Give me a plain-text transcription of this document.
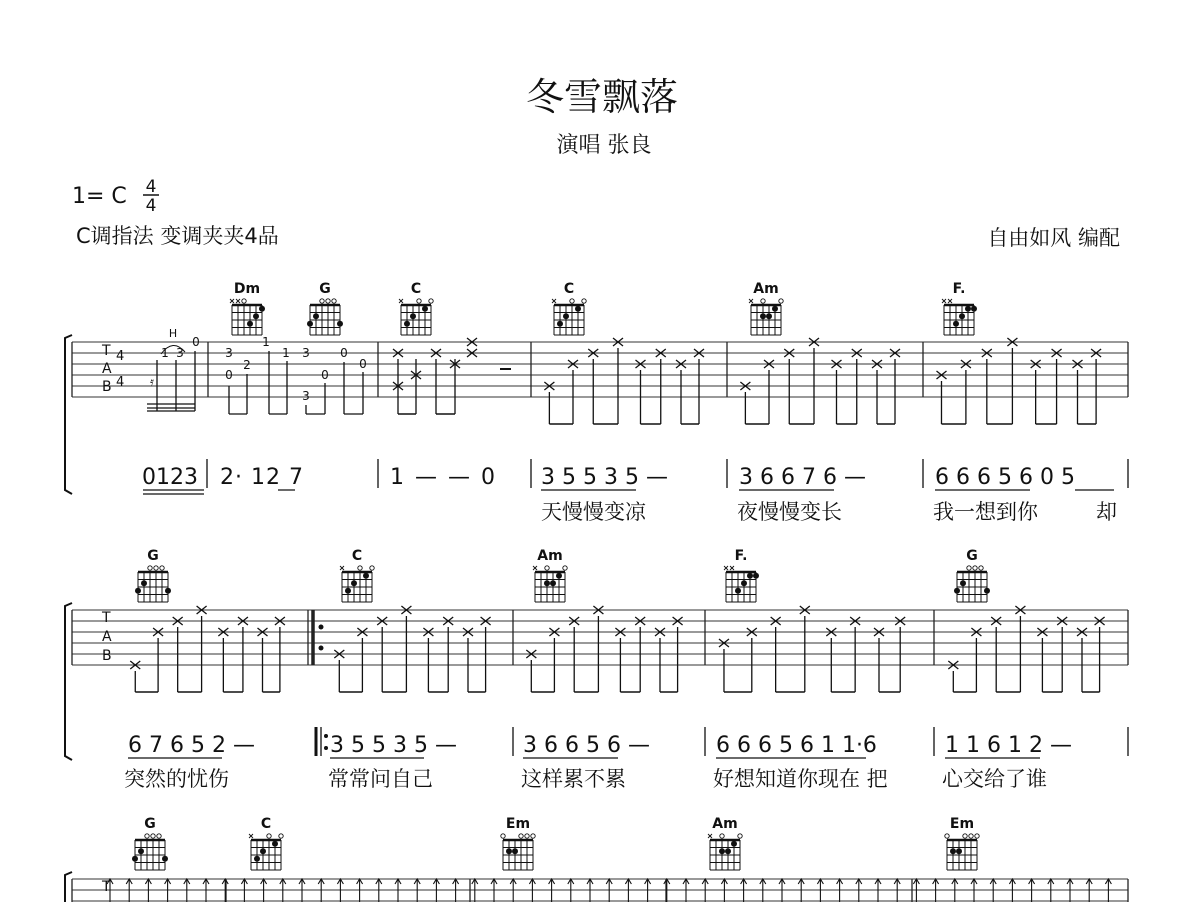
冬雪飘落
演唱 张良
1= C 4
4
C调指法 变调夹夹4品	自由如风 编配
T
A
B
4
4
H
𝄿
1 3
0
3
2
0
1
1 3
0
3
0
0
Dm	G	C	C	Am	F.
0123 2· 12 7	1 — — 0 3 5 5 3 5 —	3 6 6 7 6 —	6 6 6 5 6 0 5
天慢慢变凉	夜慢慢变长	我一想到你	却
T
A
B
G	C	Am	F.	G
6 7 6 5 2 —	3 5 5 3 5 —	3 6 6 5 6 —	6 6 6 5 6 1 1·6	1 1 6 1 2 —
突然的忧伤	常常问自己	这样累不累	好想知道你现在 把	心交给了谁
T
G	C	Em	Am	Em
